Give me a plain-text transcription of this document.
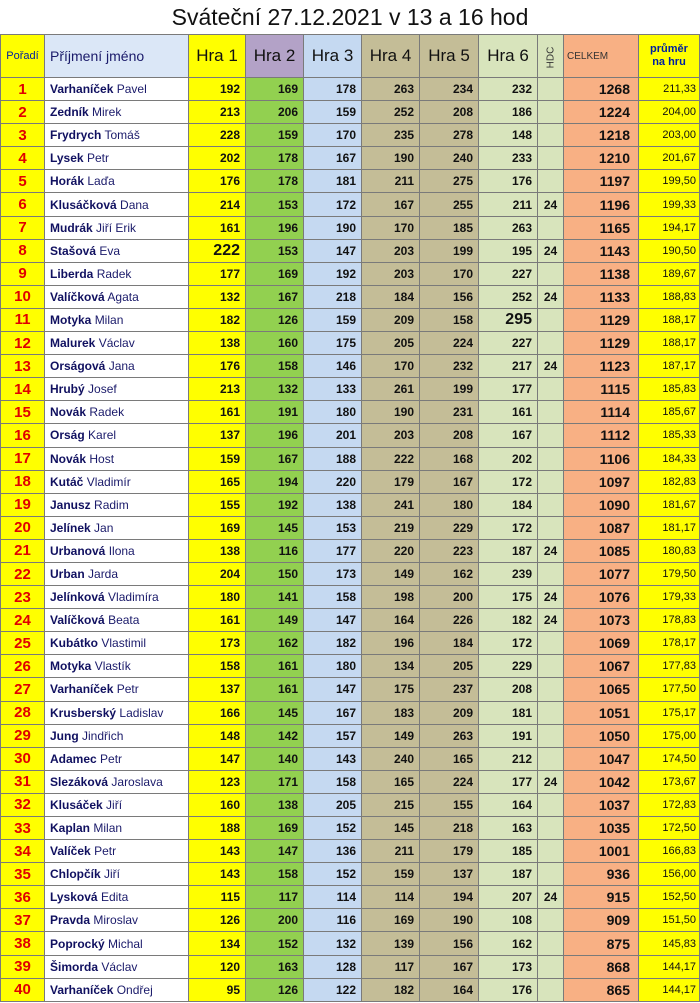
Sváteční 27.12.2021 v 13 a 16 hod
Pořadí	Příjmení jméno	Hra 1	Hra 2	Hra 3	Hra 4	Hra 5	Hra 6	HDC	CELKEM	průměr
na hru
1	Varhaníček Pavel	192	169	178	263	234	232		1268	211,33
2	Zedník Mirek	213	206	159	252	208	186		1224	204,00
3	Frydrych Tomáš	228	159	170	235	278	148		1218	203,00
4	Lysek Petr	202	178	167	190	240	233		1210	201,67
5	Horák Laďa	176	178	181	211	275	176		1197	199,50
6	Klusáčková Dana	214	153	172	167	255	211	24	1196	199,33
7	Mudrák Jiří Erik	161	196	190	170	185	263		1165	194,17
8	Stašová Eva	222	153	147	203	199	195	24	1143	190,50
9	Liberda Radek	177	169	192	203	170	227		1138	189,67
10	Valíčková Agata	132	167	218	184	156	252	24	1133	188,83
11	Motyka Milan	182	126	159	209	158	295		1129	188,17
12	Malurek Václav	138	160	175	205	224	227		1129	188,17
13	Orságová Jana	176	158	146	170	232	217	24	1123	187,17
14	Hrubý Josef	213	132	133	261	199	177		1115	185,83
15	Novák Radek	161	191	180	190	231	161		1114	185,67
16	Orság Karel	137	196	201	203	208	167		1112	185,33
17	Novák Host	159	167	188	222	168	202		1106	184,33
18	Kutáč Vladimír	165	194	220	179	167	172		1097	182,83
19	Janusz Radim	155	192	138	241	180	184		1090	181,67
20	Jelínek Jan	169	145	153	219	229	172		1087	181,17
21	Urbanová Ilona	138	116	177	220	223	187	24	1085	180,83
22	Urban Jarda	204	150	173	149	162	239		1077	179,50
23	Jelínková Vladimíra	180	141	158	198	200	175	24	1076	179,33
24	Valíčková Beata	161	149	147	164	226	182	24	1073	178,83
25	Kubátko Vlastimil	173	162	182	196	184	172		1069	178,17
26	Motyka Vlastík	158	161	180	134	205	229		1067	177,83
27	Varhaníček Petr	137	161	147	175	237	208		1065	177,50
28	Krusberský Ladislav	166	145	167	183	209	181		1051	175,17
29	Jung Jindřich	148	142	157	149	263	191		1050	175,00
30	Adamec Petr	147	140	143	240	165	212		1047	174,50
31	Slezáková Jaroslava	123	171	158	165	224	177	24	1042	173,67
32	Klusáček Jiří	160	138	205	215	155	164		1037	172,83
33	Kaplan Milan	188	169	152	145	218	163		1035	172,50
34	Valíček Petr	143	147	136	211	179	185		1001	166,83
35	Chlopčík Jiří	143	158	152	159	137	187		936	156,00
36	Lysková Edita	115	117	114	114	194	207	24	915	152,50
37	Pravda Miroslav	126	200	116	169	190	108		909	151,50
38	Poprocký Michal	134	152	132	139	156	162		875	145,83
39	Šimorda Václav	120	163	128	117	167	173		868	144,17
40	Varhaníček Ondřej	95	126	122	182	164	176		865	144,17
